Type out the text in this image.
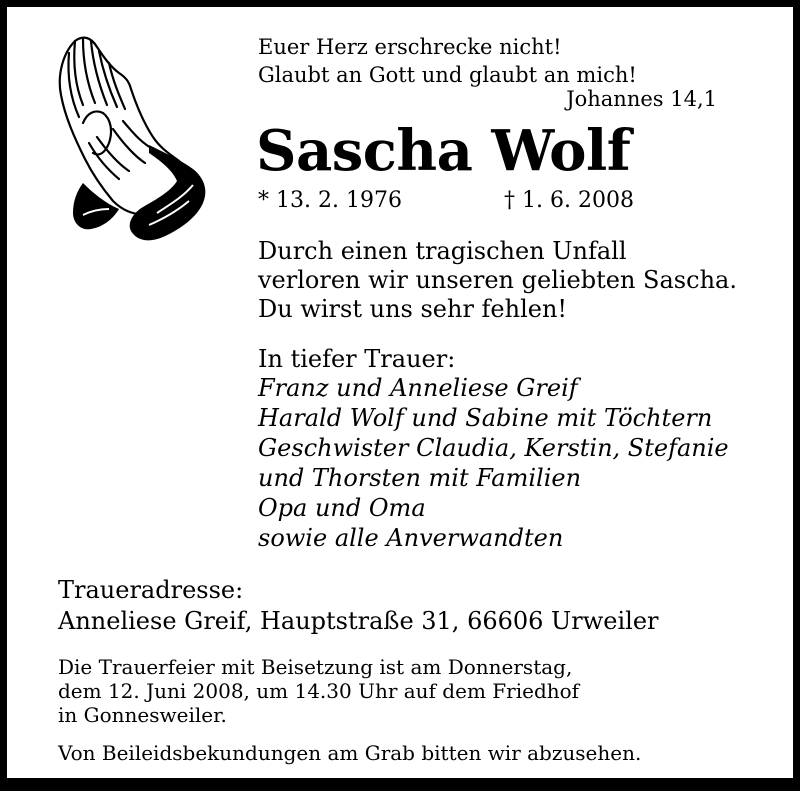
Euer Herz erschrecke nicht!
Glaubt an Gott und glaubt an mich!
Johannes 14,1
Sascha Wolf
* 13. 2. 1976	† 1. 6. 2008
Durch einen tragischen Unfall
verloren wir unseren geliebten Sascha.
Du wirst uns sehr fehlen!
In tiefer Trauer:
Franz und Anneliese Greif
Harald Wolf und Sabine mit Töchtern
Geschwister Claudia, Kerstin, Stefanie
und Thorsten mit Familien
Opa und Oma
sowie alle Anverwandten
Traueradresse:
Anneliese Greif, Hauptstraße 31, 66606 Urweiler
Die Trauerfeier mit Beisetzung ist am Donnerstag,
dem 12. Juni 2008, um 14.30 Uhr auf dem Friedhof
in Gonnesweiler.
Von Beileidsbekundungen am Grab bitten wir abzusehen.
